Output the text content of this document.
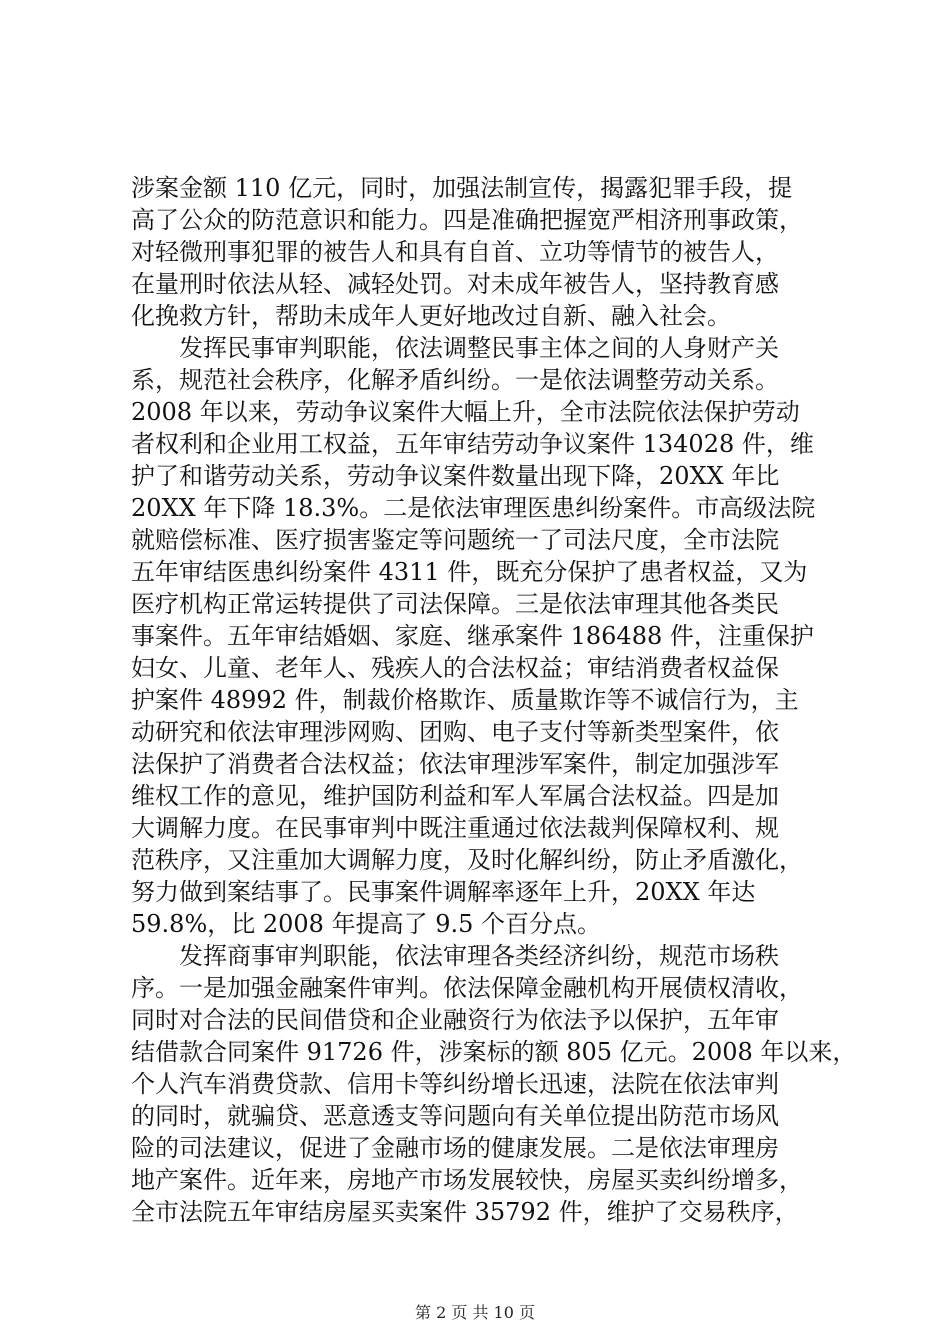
涉案金额 110 亿元，同时，加强法制宣传，揭露犯罪手段，提
高了公众的防范意识和能力。四是准确把握宽严相济刑事政策，
对轻微刑事犯罪的被告人和具有自首、立功等情节的被告人，
在量刑时依法从轻、减轻处罚。对未成年被告人，坚持教育感
化挽救方针，帮助未成年人更好地改过自新、融入社会。
　　发挥民事审判职能，依法调整民事主体之间的人身财产关
系，规范社会秩序，化解矛盾纠纷。一是依法调整劳动关系。
2008 年以来，劳动争议案件大幅上升，全市法院依法保护劳动
者权利和企业用工权益，五年审结劳动争议案件 134028 件，维
护了和谐劳动关系，劳动争议案件数量出现下降，20XX 年比
20XX 年下降 18.3%。二是依法审理医患纠纷案件。市高级法院
就赔偿标准、医疗损害鉴定等问题统一了司法尺度，全市法院
五年审结医患纠纷案件 4311 件，既充分保护了患者权益，又为
医疗机构正常运转提供了司法保障。三是依法审理其他各类民
事案件。五年审结婚姻、家庭、继承案件 186488 件，注重保护
妇女、儿童、老年人、残疾人的合法权益；审结消费者权益保
护案件 48992 件，制裁价格欺诈、质量欺诈等不诚信行为，主
动研究和依法审理涉网购、团购、电子支付等新类型案件，依
法保护了消费者合法权益；依法审理涉军案件，制定加强涉军
维权工作的意见，维护国防利益和军人军属合法权益。四是加
大调解力度。在民事审判中既注重通过依法裁判保障权利、规
范秩序，又注重加大调解力度，及时化解纠纷，防止矛盾激化，
努力做到案结事了。民事案件调解率逐年上升，20XX 年达
59.8%，比 2008 年提高了 9.5 个百分点。
　　发挥商事审判职能，依法审理各类经济纠纷，规范市场秩
序。一是加强金融案件审判。依法保障金融机构开展债权清收，
同时对合法的民间借贷和企业融资行为依法予以保护，五年审
结借款合同案件 91726 件，涉案标的额 805 亿元。2008 年以来，
个人汽车消费贷款、信用卡等纠纷增长迅速，法院在依法审判
的同时，就骗贷、恶意透支等问题向有关单位提出防范市场风
险的司法建议，促进了金融市场的健康发展。二是依法审理房
地产案件。近年来，房地产市场发展较快，房屋买卖纠纷增多，
全市法院五年审结房屋买卖案件 35792 件，维护了交易秩序，
第 2 页 共 10 页
